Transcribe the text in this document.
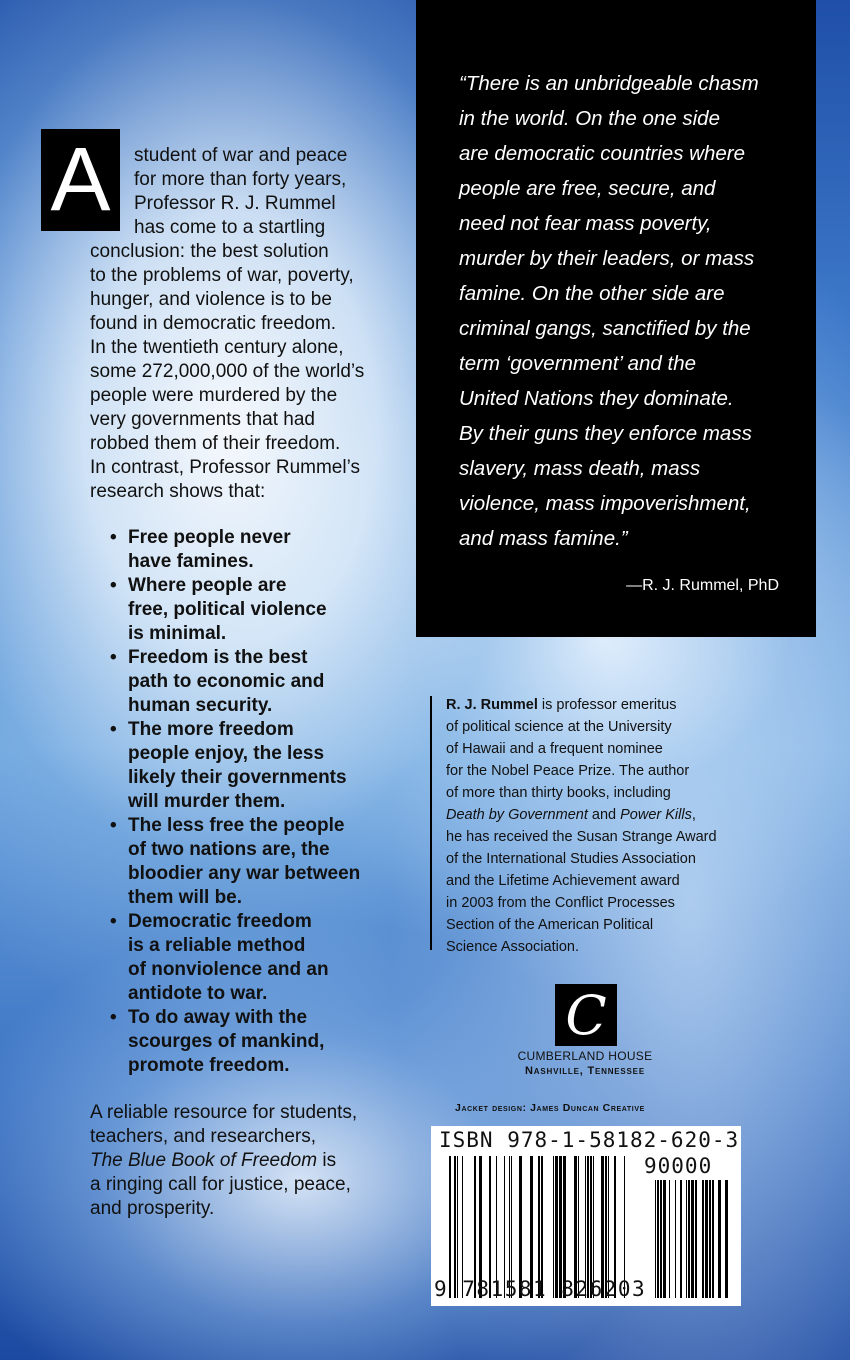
A	student of war and peace
for more than forty years,
Professor R. J. Rummel
has come to a startling
conclusion: the best solution
to the problems of war, poverty,
hunger, and violence is to be
found in democratic freedom.
In the twentieth century alone,
some 272,000,000 of the world’s
people were murdered by the
very governments that had
robbed them of their freedom.
In contrast, Professor Rummel’s
research shows that:
• Free people never
have famines.
• Where people are
free, political violence
is minimal.
• Freedom is the best
path to economic and
human security.
• The more freedom
people enjoy, the less
likely their governments
will murder them.
• The less free the people
of two nations are, the
bloodier any war between
them will be.
• Democratic freedom
is a reliable method
of nonviolence and an
antidote to war.
• To do away with the
scourges of mankind,
promote freedom.
A reliable resource for students,
teachers, and researchers,
The Blue Book of Freedom is
a ringing call for justice, peace,
and prosperity.
“There is an unbridgeable chasm
in the world. On the one side
are democratic countries where
people are free, secure, and
need not fear mass poverty,
murder by their leaders, or mass
famine. On the other side are
criminal gangs, sanctified by the
term ‘government’ and the
United Nations they dominate.
By their guns they enforce mass
slavery, mass death, mass
violence, mass impoverishment,
and mass famine.”
—R. J. Rummel, PhD
R. J. Rummel is professor emeritus
of political science at the University
of Hawaii and a frequent nominee
for the Nobel Peace Prize. The author
of more than thirty books, including
Death by Government and Power Kills,
he has received the Susan Strange Award
of the International Studies Association
and the Lifetime Achievement award
in 2003 from the Conflict Processes
Section of the American Political
Science Association.
C
CUMBERLAND HOUSE
Nashville, Tennessee
Jacket design: James Duncan Creative
ISBN 978-1-58182-620-3
90000
9 781581 826203
